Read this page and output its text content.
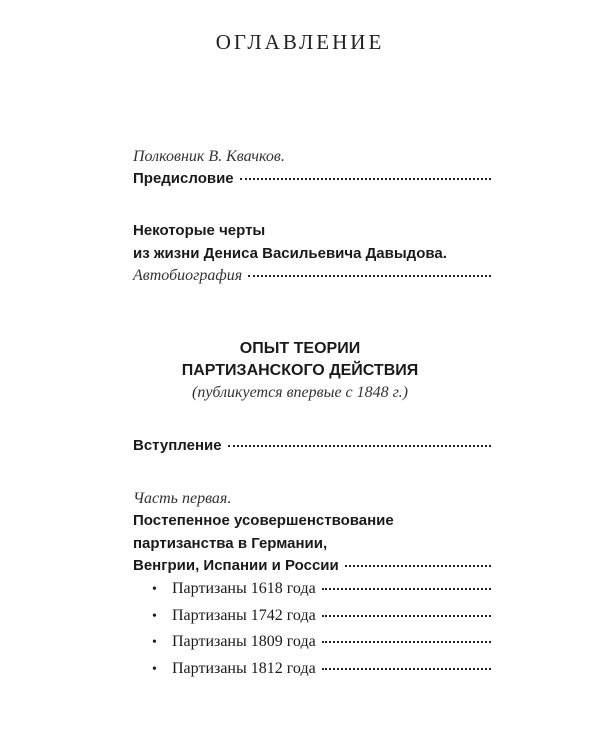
ОГЛАВЛЕНИЕ
Полковник В. Квачков.
Предисловие
Некоторые черты
из жизни Дениса Васильевича Давыдова.
Автобиография
ОПЫТ ТЕОРИИ
ПАРТИЗАНСКОГО ДЕЙСТВИЯ
(публикуется впервые с 1848 г.)
Вступление
Часть первая.
Постепенное усовершенствование
партизанства в Германии,
Венгрии, Испании и России
• Партизаны 1618 года
• Партизаны 1742 года
• Партизаны 1809 года
• Партизаны 1812 года
